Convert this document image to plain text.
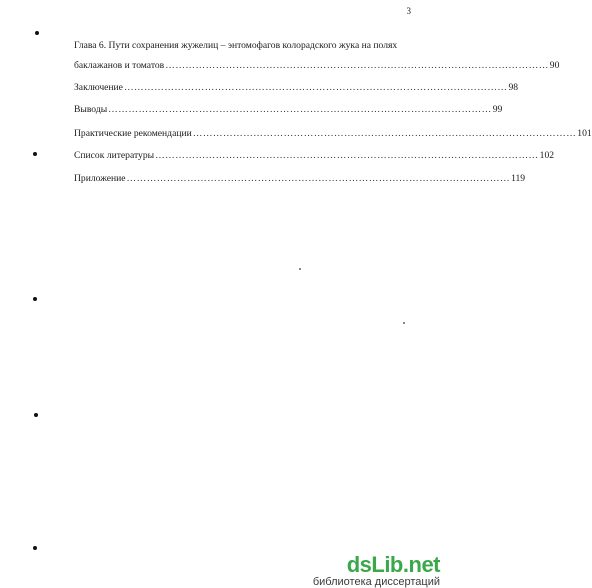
3
Глава 6. Пути сохранения жужелиц – энтомофагов колорадского жука на полях
баклажанов и томатов …………………………………………………………………………………………………… 90
Заключение …………………………………………………………………………………………………… 98
Выводы …………………………………………………………………………………………………… 99
Практические рекомендации …………………………………………………………………………………………………… 101
Список литературы …………………………………………………………………………………………………… 102
Приложение …………………………………………………………………………………………………… 119
dsLib.net
библиотека диссертаций
